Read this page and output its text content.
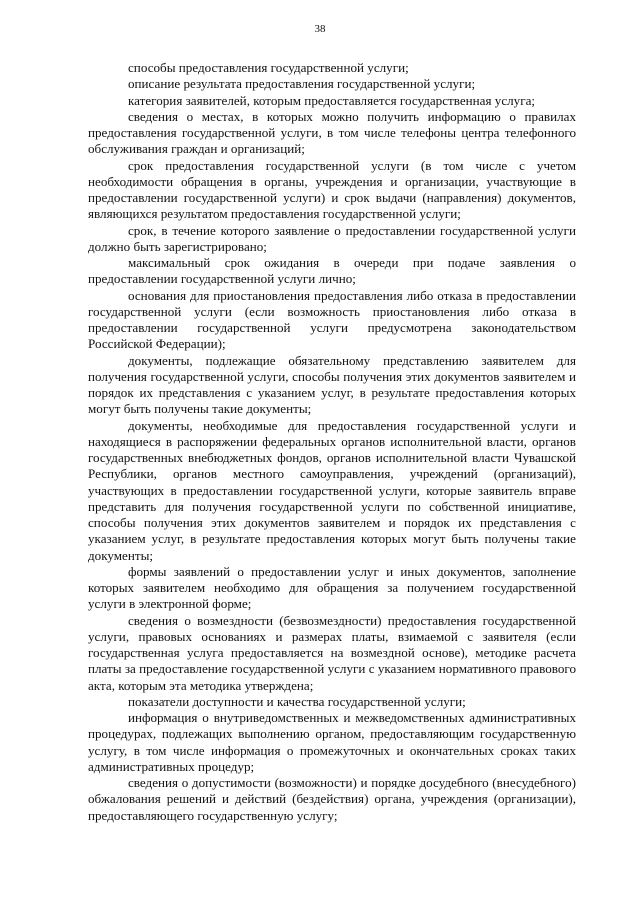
38

способы предоставления государственной услуги;

описание результата предоставления государственной услуги;

категория заявителей, которым предоставляется государственная услуга;

сведения о местах, в которых можно получить информацию о правилах предоставления государственной услуги, в том числе телефоны центра телефонного обслуживания граждан и организаций;

срок предоставления государственной услуги (в том числе с учетом необходимости обращения в органы, учреждения и организации, участвующие в предоставлении государственной услуги) и срок выдачи (направления) документов, являющихся результатом предоставления государственной услуги;

срок, в течение которого заявление о предоставлении государственной услуги должно быть зарегистрировано;

максимальный срок ожидания в очереди при подаче заявления о предоставлении государственной услуги лично;

основания для приостановления предоставления либо отказа в предоставлении государственной услуги (если возможность приостановления либо отказа в предоставлении государственной услуги предусмотрена законодательством Российской Федерации);

документы, подлежащие обязательному представлению заявителем для получения государственной услуги, способы получения этих документов заявителем и порядок их представления с указанием услуг, в результате предоставления которых могут быть получены такие документы;

документы, необходимые для предоставления государственной услуги и находящиеся в распоряжении федеральных органов исполнительной власти, органов государственных внебюджетных фондов, органов исполнительной власти Чувашской Республики, органов местного самоуправления, учреждений (организаций), участвующих в предоставлении государственной услуги, которые заявитель вправе представить для получения государственной услуги по собственной инициативе, способы получения этих документов заявителем и порядок их представления с указанием услуг, в результате предоставления которых могут быть получены такие документы;

формы заявлений о предоставлении услуг и иных документов, заполнение которых заявителем необходимо для обращения за получением государственной услуги в электронной форме;

сведения о возмездности (безвозмездности) предоставления государственной услуги, правовых основаниях и размерах платы, взимаемой с заявителя (если государственная услуга предоставляется на возмездной основе), методике расчета платы за предоставление государственной услуги с указанием нормативного правового акта, которым эта методика утверждена;

показатели доступности и качества государственной услуги;

информация о внутриведомственных и межведомственных административных процедурах, подлежащих выполнению органом, предоставляющим государственную услугу, в том числе информация о промежуточных и окончательных сроках таких административных процедур;

сведения о допустимости (возможности) и порядке досудебного (внесудебного) обжалования решений и действий (бездействия) органа, учреждения (организации), предоставляющего государственную услугу;
